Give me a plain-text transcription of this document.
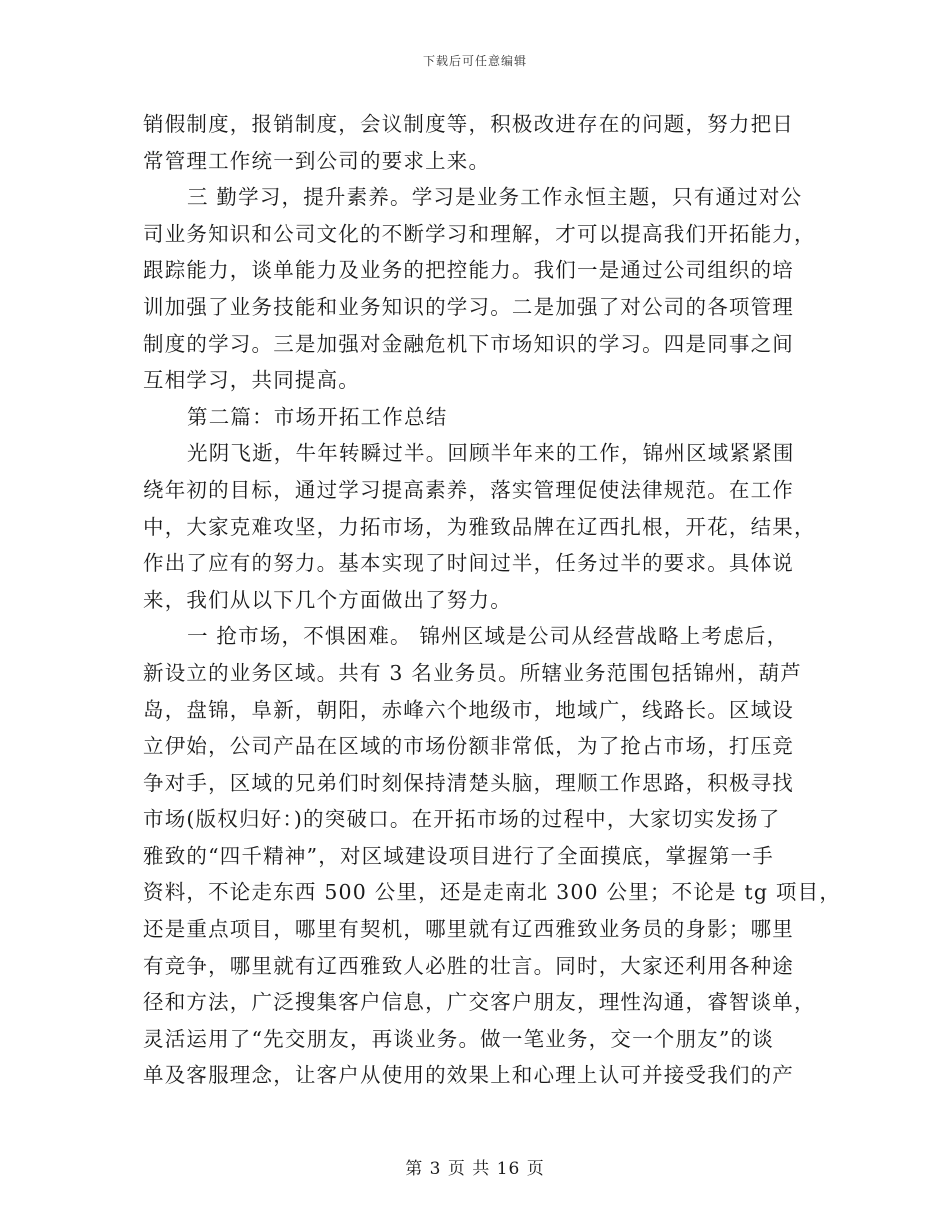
下载后可任意编辑
销假制度，报销制度，会议制度等，积极改进存在的问题，努力把日
常管理工作统一到公司的要求上来。
三 勤学习，提升素养。学习是业务工作永恒主题，只有通过对公
司业务知识和公司文化的不断学习和理解，才可以提高我们开拓能力，
跟踪能力，谈单能力及业务的把控能力。我们一是通过公司组织的培
训加强了业务技能和业务知识的学习。二是加强了对公司的各项管理
制度的学习。三是加强对金融危机下市场知识的学习。四是同事之间
互相学习，共同提高。
第二篇：市场开拓工作总结
光阴飞逝，牛年转瞬过半。回顾半年来的工作，锦州区域紧紧围
绕年初的目标，通过学习提高素养，落实管理促使法律规范。在工作
中，大家克难攻坚，力拓市场，为雅致品牌在辽西扎根，开花，结果，
作出了应有的努力。基本实现了时间过半，任务过半的要求。具体说
来，我们从以下几个方面做出了努力。
一 抢市场，不惧困难。 锦州区域是公司从经营战略上考虑后，
新设立的业务区域。共有 3 名业务员。所辖业务范围包括锦州，葫芦
岛，盘锦，阜新，朝阳，赤峰六个地级市，地域广，线路长。区域设
立伊始，公司产品在区域的市场份额非常低，为了抢占市场，打压竞
争对手，区域的兄弟们时刻保持清楚头脑，理顺工作思路，积极寻找
市场(版权归好：)的突破口。在开拓市场的过程中，大家切实发扬了
雅致的“四千精神”，对区域建设项目进行了全面摸底，掌握第一手
资料，不论走东西 500 公里，还是走南北 300 公里；不论是 tg 项目，
还是重点项目，哪里有契机，哪里就有辽西雅致业务员的身影；哪里
有竞争，哪里就有辽西雅致人必胜的壮言。同时，大家还利用各种途
径和方法，广泛搜集客户信息，广交客户朋友，理性沟通，睿智谈单，
灵活运用了“先交朋友，再谈业务。做一笔业务，交一个朋友”的谈
单及客服理念，让客户从使用的效果上和心理上认可并接受我们的产
第 3 页 共 16 页
